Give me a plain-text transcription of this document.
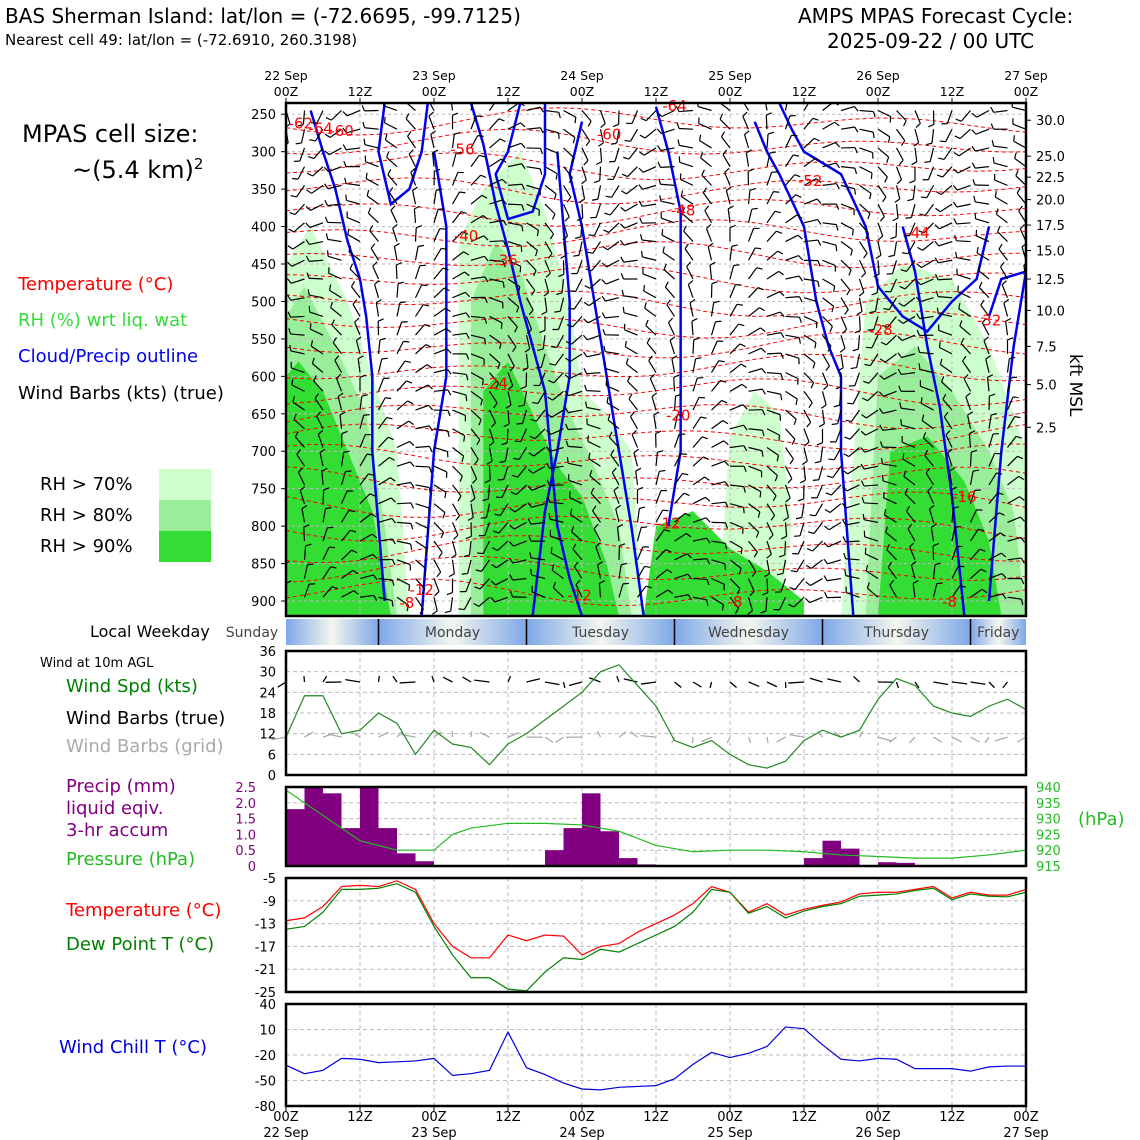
BAS Sherman Island: lat/lon = (-72.6695, -99.7125)
Nearest cell 49: lat/lon = (-72.6910, 260.3198)
AMPS MPAS Forecast Cycle:
2025-09-22 / 00 UTC
MPAS cell size:
~(5.4 km)$^2$
Temperature (°C)
RH (%) wrt liq. wat
Cloud/Precip outline
Wind Barbs (kts) (true)
RH > 70%
RH > 80%
RH > 90%
Local Weekday
Wind at 10m AGL
Wind Spd (kts)
Wind Barbs (true)
Wind Barbs (grid)
Precip (mm)
liquid eqiv.
3-hr accum
Pressure (hPa)
(hPa)
Temperature (°C)
Dew Point T (°C)
Wind Chill T (°C)
kft MSL
-62
-64
-60
-56
-60
-64
-52
-48
-40
-36
-44
-32
-28
-24
-20
-16
-12
-12	-12
-8	-8	-8
250
300
350
400
450
500
550
600
650
700
750
800
850
900
30.0
25.0
22.5
20.0
17.5
15.0
12.5
10.0
7.5
5.0
2.5
00Z	12Z	00Z	12Z	00Z	12Z	00Z	12Z	00Z	12Z	00Z
22 Sep	23 Sep	24 Sep	25 Sep	26 Sep	27 Sep
Sunday	Monday	Tuesday	Wednesday	Thursday	Friday
0
6
12
18
24
30
36
0
0.5
1.0
1.5
2.0
2.5	940
935
930
925
920
915
-5
-9
-13
-17
-21
-25
40
10
-20
-50
-80
00Z	12Z	00Z	12Z	00Z	12Z	00Z	12Z	00Z	12Z	00Z
22 Sep	23 Sep	24 Sep	25 Sep	26 Sep	27 Sep
